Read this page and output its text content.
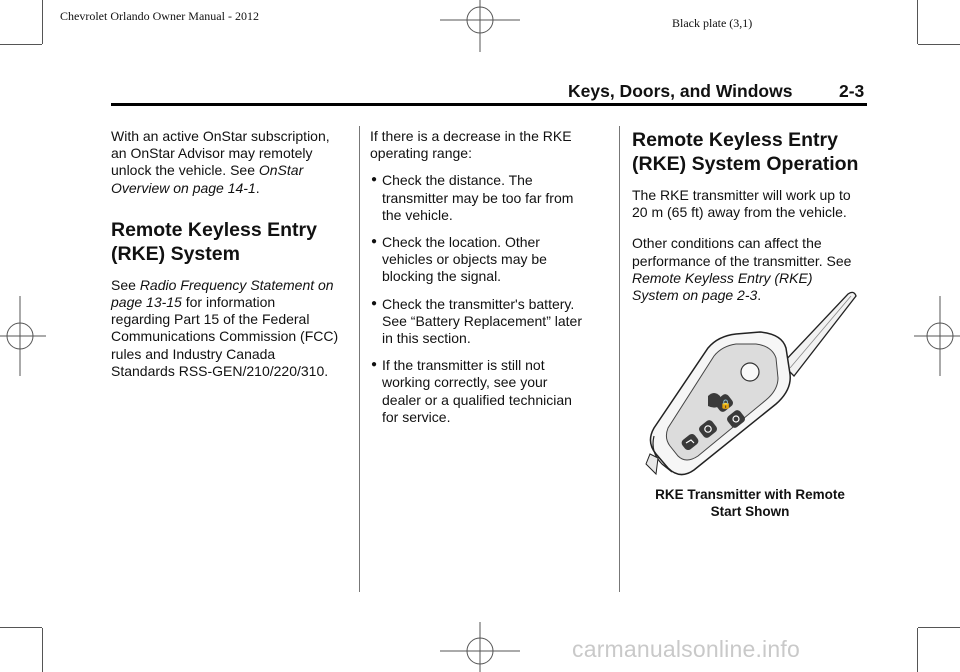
Chevrolet Orlando Owner Manual - 2012	Black plate (3,1)
Keys, Doors, and Windows	2-3

With an active OnStar subscription,
an OnStar Advisor may remotely
unlock the vehicle. See OnStar
Overview on page 14-1.

Remote Keyless Entry
(RKE) System

See Radio Frequency Statement on
page 13-15 for information
regarding Part 15 of the Federal
Communications Commission (FCC)
rules and Industry Canada
Standards RSS-GEN/210/220/310.

If there is a decrease in the RKE
operating range:

● Check the distance. The
transmitter may be too far from
the vehicle.
● Check the location. Other
vehicles or objects may be
blocking the signal.
● Check the transmitter's battery.
See “Battery Replacement” later
in this section.
● If the transmitter is still not
working correctly, see your
dealer or a qualified technician
for service.
Remote Keyless Entry
(RKE) System Operation

The RKE transmitter will work up to
20 m (65 ft) away from the vehicle.

Other conditions can affect the
performance of the transmitter. See
Remote Keyless Entry (RKE)
System on page 2-3.

🔒
RKE Transmitter with Remote
Start Shown
carmanualsonline.info
